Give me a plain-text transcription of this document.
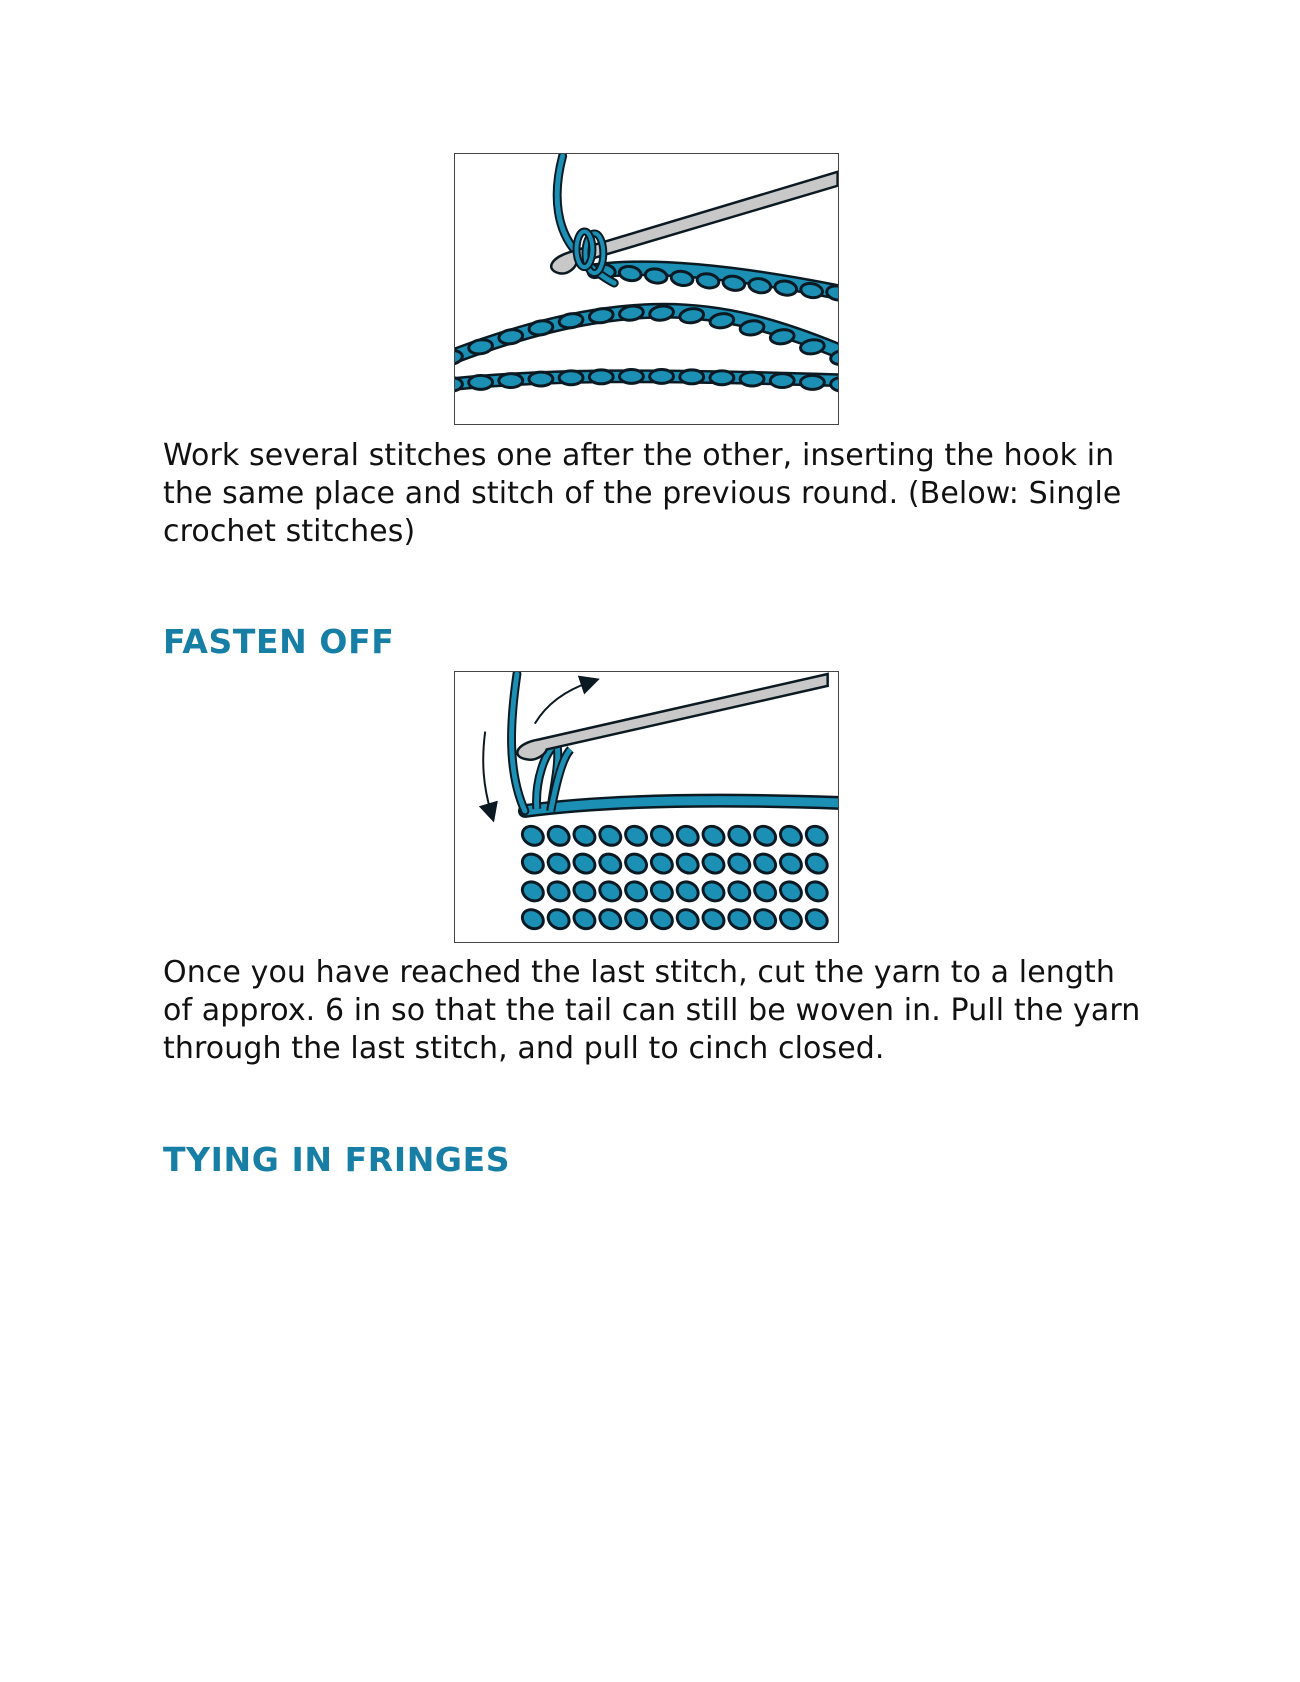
Work several stitches one after the other, inserting the hook in the same place and stitch of the previous round. (Below: Single crochet stitches)

FASTEN OFF

Once you have reached the last stitch, cut the yarn to a length of approx. 6 in so that the tail can still be woven in. Pull the yarn through the last stitch, and pull to cinch closed.

TYING IN FRINGES
